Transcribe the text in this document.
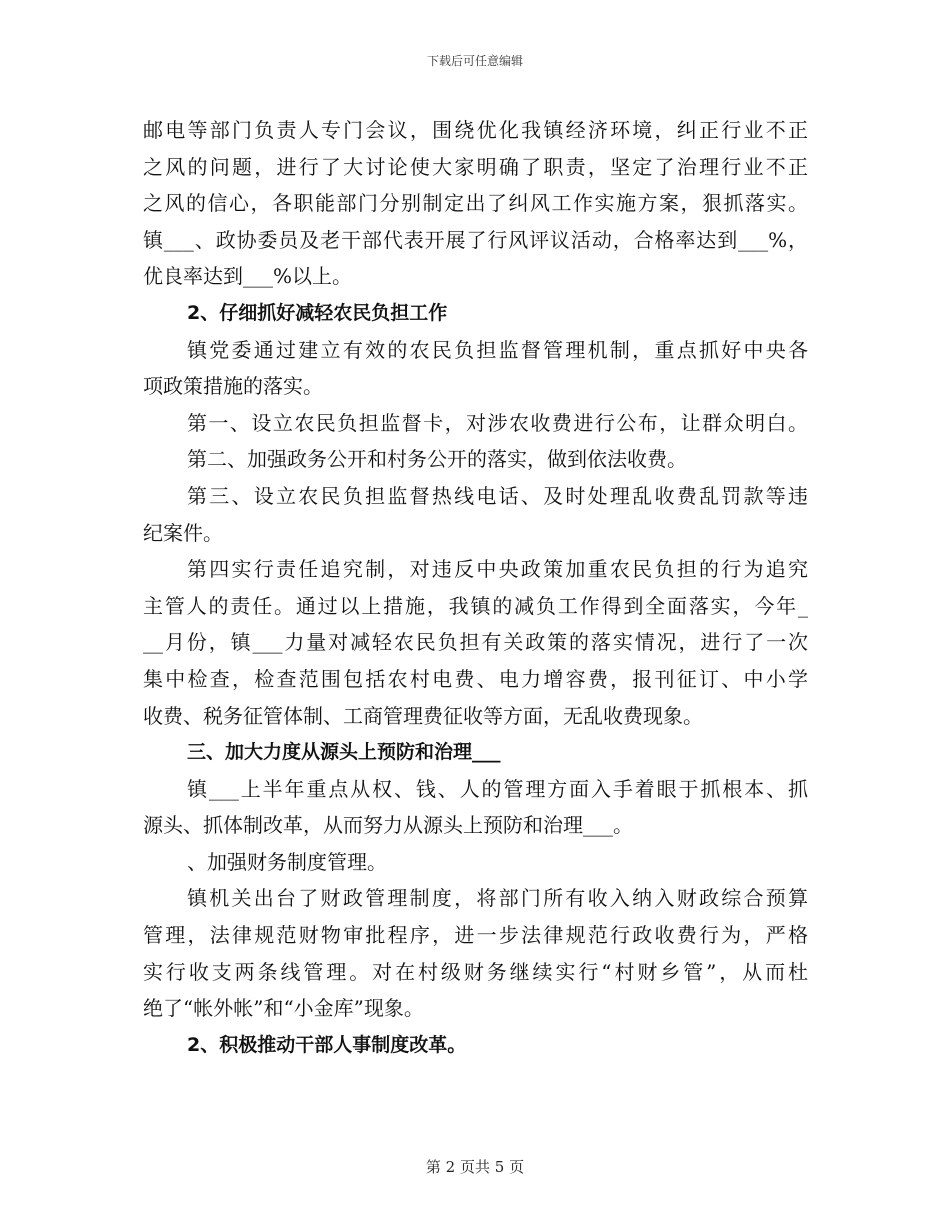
下载后可任意编辑
邮电等部门负责人专门会议，围绕优化我镇经济环境，纠正行业不正
之风的问题，进行了大讨论使大家明确了职责，坚定了治理行业不正
之风的信心，各职能部门分别制定出了纠风工作实施方案，狠抓落实。
镇___、政协委员及老干部代表开展了行风评议活动，合格率达到___%，
优良率达到___%以上。
2、仔细抓好减轻农民负担工作
镇党委通过建立有效的农民负担监督管理机制，重点抓好中央各
项政策措施的落实。
第一、设立农民负担监督卡，对涉农收费进行公布，让群众明白。
第二、加强政务公开和村务公开的落实，做到依法收费。
第三、设立农民负担监督热线电话、及时处理乱收费乱罚款等违
纪案件。
第四实行责任追究制，对违反中央政策加重农民负担的行为追究
主管人的责任。通过以上措施，我镇的减负工作得到全面落实，今年_
__月份，镇___力量对减轻农民负担有关政策的落实情况，进行了一次
集中检查，检查范围包括农村电费、电力增容费，报刊征订、中小学
收费、税务征管体制、工商管理费征收等方面，无乱收费现象。
三、加大力度从源头上预防和治理___
镇___上半年重点从权、钱、人的管理方面入手着眼于抓根本、抓
源头、抓体制改革，从而努力从源头上预防和治理___。
、加强财务制度管理。
镇机关出台了财政管理制度，将部门所有收入纳入财政综合预算
管理，法律规范财物审批程序，进一步法律规范行政收费行为，严格
实行收支两条线管理。对在村级财务继续实行“村财乡管”，从而杜
绝了“帐外帐”和“小金库”现象。
2、积极推动干部人事制度改革。
第 2 页共 5 页
